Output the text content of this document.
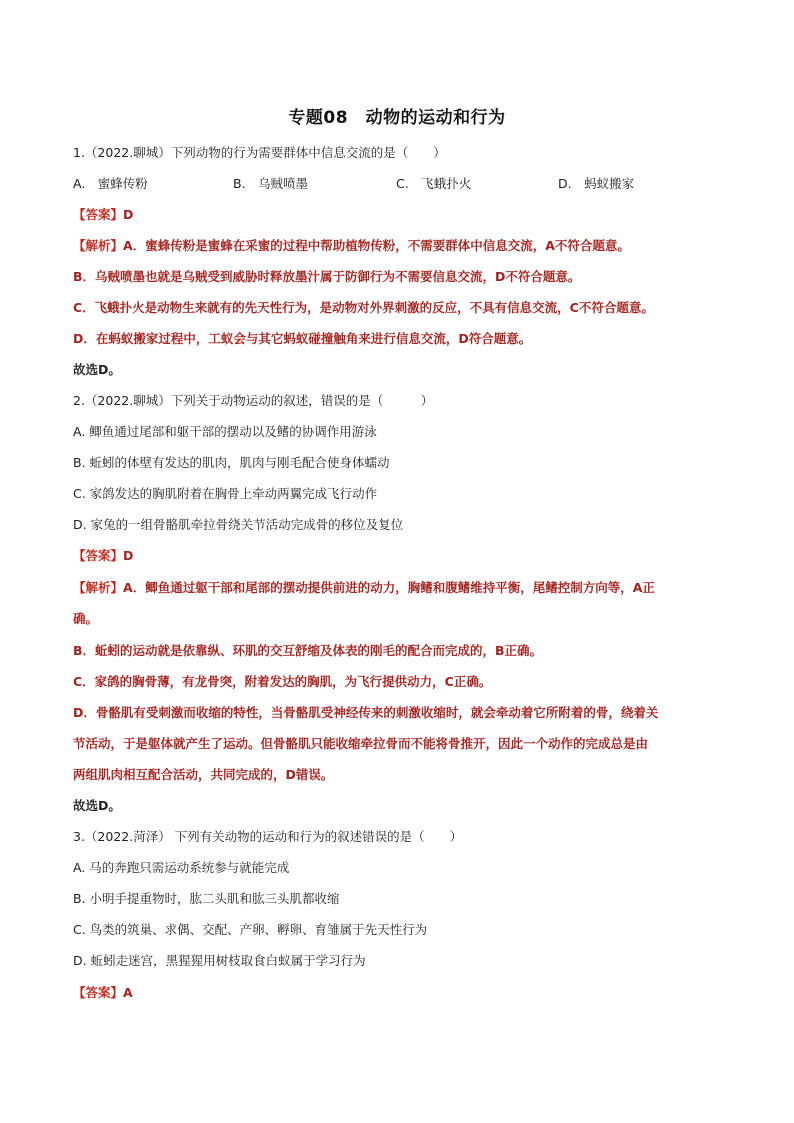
专题08　动物的运动和行为
1.（2022.聊城）下列动物的行为需要群体中信息交流的是（　　）
A.　蜜蜂传粉	B.　乌贼喷墨	C.　飞蛾扑火	D.　蚂蚁搬家
【答案】D
【解析】A．蜜蜂传粉是蜜蜂在采蜜的过程中帮助植物传粉，不需要群体中信息交流，A不符合题意。
B．乌贼喷墨也就是乌贼受到威胁时释放墨汁属于防御行为不需要信息交流，D不符合题意。
C．飞蛾扑火是动物生来就有的先天性行为，是动物对外界刺激的反应，不具有信息交流，C不符合题意。
D．在蚂蚁搬家过程中，工蚁会与其它蚂蚁碰撞触角来进行信息交流，D符合题意。
故选D。
2.（2022.聊城）下列关于动物运动的叙述，错误的是（　　　）
A. 鲫鱼通过尾部和躯干部的摆动以及鳍的协调作用游泳
B. 蚯蚓的体壁有发达的肌肉，肌肉与刚毛配合使身体蠕动
C. 家鸽发达的胸肌附着在胸骨上牵动两翼完成飞行动作
D. 家兔的一组骨骼肌牵拉骨绕关节活动完成骨的移位及复位
【答案】D
【解析】A．鲫鱼通过躯干部和尾部的摆动提供前进的动力，胸鳍和腹鳍维持平衡，尾鳍控制方向等，A正
确。
B．蚯蚓的运动就是依靠纵、环肌的交互舒缩及体表的刚毛的配合而完成的，B正确。
C．家鸽的胸骨薄，有龙骨突，附着发达的胸肌，为飞行提供动力，C正确。
D．骨骼肌有受刺激而收缩的特性，当骨骼肌受神经传来的刺激收缩时，就会牵动着它所附着的骨，绕着关
节活动，于是躯体就产生了运动。但骨骼肌只能收缩牵拉骨而不能将骨推开，因此一个动作的完成总是由
两组肌肉相互配合活动，共同完成的，D错误。
故选D。
3.（2022.菏泽） 下列有关动物的运动和行为的叙述错误的是（　　）
A. 马的奔跑只需运动系统参与就能完成
B. 小明手提重物时，肱二头肌和肱三头肌都收缩
C. 鸟类的筑巢、求偶、交配、产卵、孵卵、育雏属于先天性行为
D. 蚯蚓走迷宫，黑猩猩用树枝取食白蚁属于学习行为
【答案】A
